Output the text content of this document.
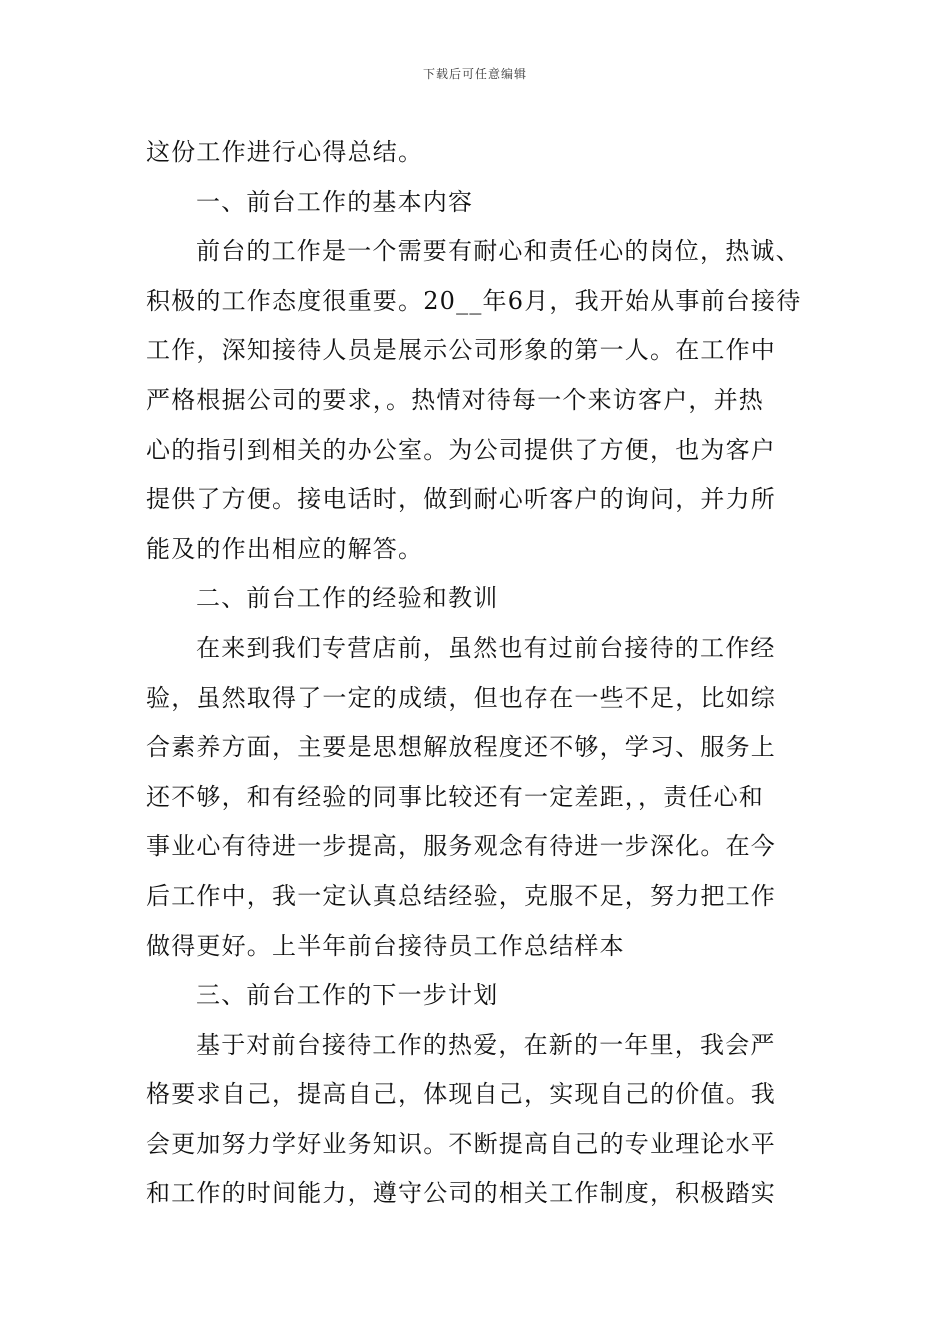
下载后可任意编辑
这份工作进行心得总结。
一、前台工作的基本内容
前台的工作是一个需要有耐心和责任心的岗位，热诚、
积极的工作态度很重要。20__年6月，我开始从事前台接待
工作，深知接待人员是展示公司形象的第一人。在工作中
严格根据公司的要求，。热情对待每一个来访客户，并热
心的指引到相关的办公室。为公司提供了方便，也为客户
提供了方便。接电话时，做到耐心听客户的询问，并力所
能及的作出相应的解答。
二、前台工作的经验和教训
在来到我们专营店前，虽然也有过前台接待的工作经
验，虽然取得了一定的成绩，但也存在一些不足，比如综
合素养方面，主要是思想解放程度还不够，学习、服务上
还不够，和有经验的同事比较还有一定差距，，责任心和
事业心有待进一步提高，服务观念有待进一步深化。在今
后工作中，我一定认真总结经验，克服不足，努力把工作
做得更好。上半年前台接待员工作总结样本
三、前台工作的下一步计划
基于对前台接待工作的热爱，在新的一年里，我会严
格要求自己，提高自己，体现自己，实现自己的价值。我
会更加努力学好业务知识。不断提高自己的专业理论水平
和工作的时间能力，遵守公司的相关工作制度，积极踏实
